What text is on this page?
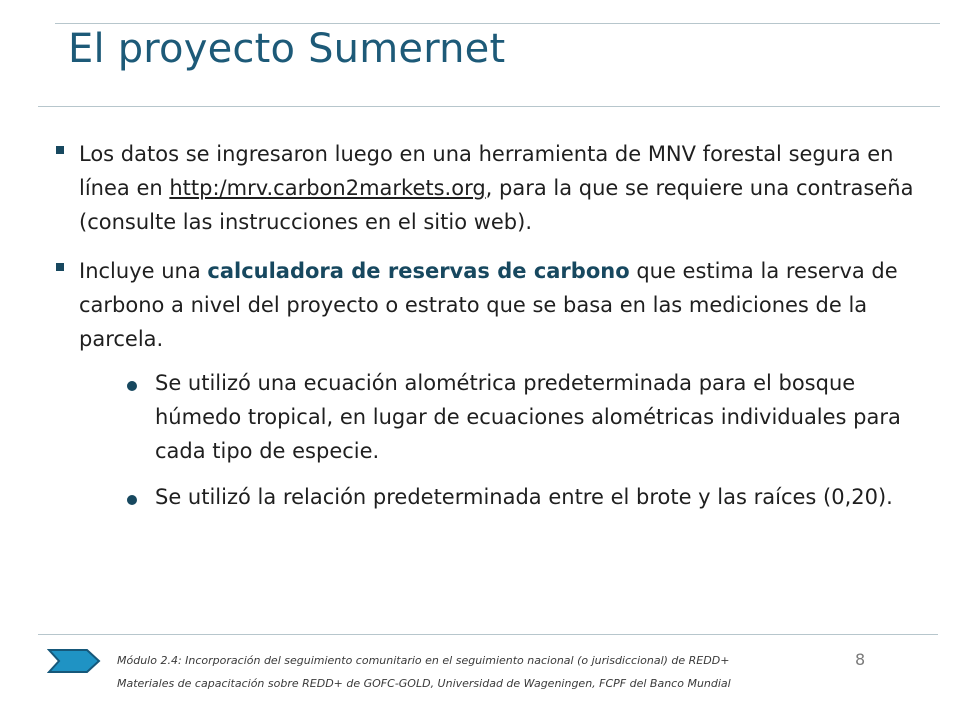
El proyecto Sumernet
Los datos se ingresaron luego en una herramienta de MNV forestal segura en línea en http:/mrv.carbon2markets.org, para la que se requiere una contraseña (consulte las instrucciones en el sitio web).
Incluye una calculadora de reservas de carbono que estima la reserva de carbono a nivel del proyecto o estrato que se basa en las mediciones de la parcela.
Se utilizó una ecuación alométrica predeterminada para el bosque húmedo tropical, en lugar de ecuaciones alométricas individuales para cada tipo de especie.
Se utilizó la relación predeterminada entre el brote y las raíces (0,20).
Módulo 2.4: Incorporación del seguimiento comunitario en el seguimiento nacional (o jurisdiccional) de REDD+
Materiales de capacitación sobre REDD+ de GOFC-GOLD, Universidad de Wageningen, FCPF del Banco Mundial
8
